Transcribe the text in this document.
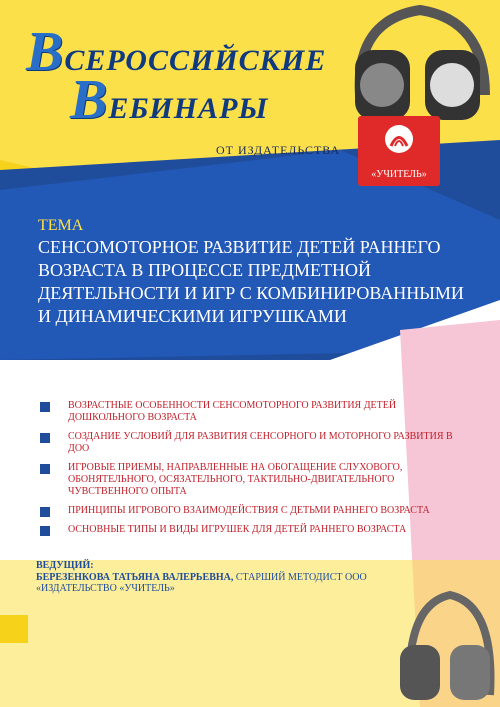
ВСЕРОССИЙСКИЕ
ВЕБИНАРЫ
ОТ ИЗДАТЕЛЬСТВА
«УЧИТЕЛЬ»
ТЕМА
СЕНСОМОТОРНОЕ РАЗВИТИЕ ДЕТЕЙ РАННЕГО ВОЗРАСТА В ПРОЦЕССЕ ПРЕДМЕТНОЙ ДЕЯТЕЛЬНОСТИ И ИГР С КОМБИНИРОВАННЫМИ И ДИНАМИЧЕСКИМИ ИГРУШКАМИ
ВОЗРАСТНЫЕ ОСОБЕННОСТИ СЕНСОМОТОРНОГО РАЗВИТИЯ ДЕТЕЙ ДОШКОЛЬНОГО ВОЗРАСТА
СОЗДАНИЕ УСЛОВИЙ ДЛЯ РАЗВИТИЯ СЕНСОРНОГО И МОТОРНОГО РАЗВИТИЯ В ДОО
ИГРОВЫЕ ПРИЕМЫ, НАПРАВЛЕННЫЕ НА ОБОГАЩЕНИЕ СЛУХОВОГО, ОБОНЯТЕЛЬНОГО, ОСЯЗАТЕЛЬНОГО, ТАКТИЛЬНО-ДВИГАТЕЛЬНОГО ЧУВСТВЕННОГО ОПЫТА
ПРИНЦИПЫ ИГРОВОГО ВЗАИМОДЕЙСТВИЯ С ДЕТЬМИ РАННЕГО ВОЗРАСТА
ОСНОВНЫЕ ТИПЫ И ВИДЫ ИГРУШЕК ДЛЯ ДЕТЕЙ РАННЕГО ВОЗРАСТА
ВЕДУЩИЙ:
БЕРЕЗЕНКОВА ТАТЬЯНА ВАЛЕРЬЕВНА, СТАРШИЙ МЕТОДИСТ ООО «ИЗДАТЕЛЬСТВО «УЧИТЕЛЬ»
